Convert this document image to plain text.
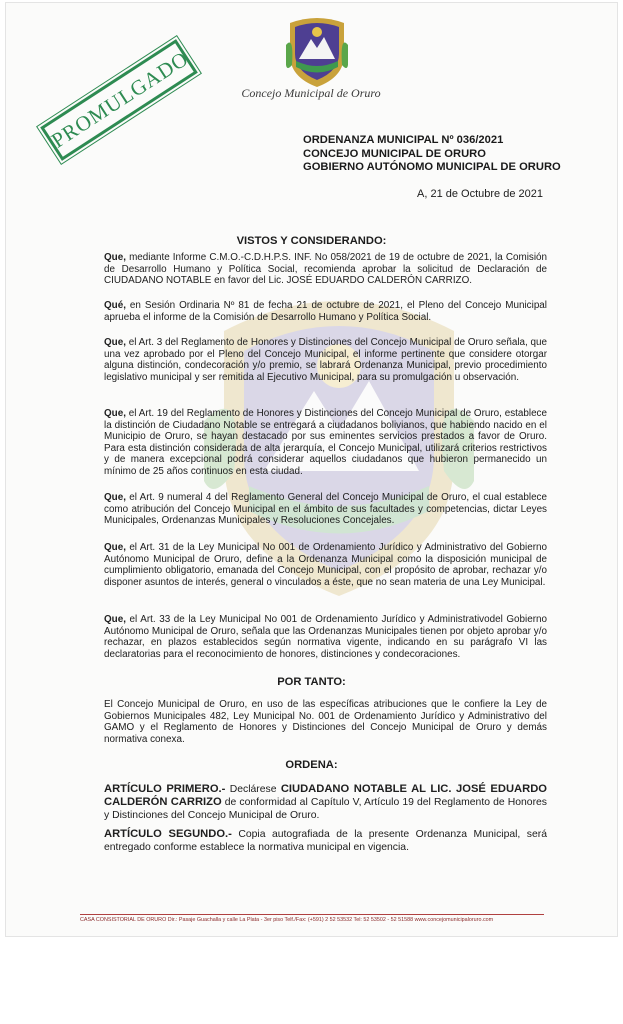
Concejo Municipal de Oruro
PROMULGADO	ORDENANZA MUNICIPAL Nº 036/2021
CONCEJO MUNICIPAL DE ORURO
GOBIERNO AUTÓNOMO MUNICIPAL DE ORURO
A, 21 de Octubre de 2021
VISTOS Y CONSIDERANDO:
Que, mediante Informe C.M.O.-C.D.H.P.S. INF. No 058/2021 de 19 de octubre de 2021, la Comisión de Desarrollo Humano y Política Social, recomienda aprobar la solicitud de Declaración de CIUDADANO NOTABLE en favor del Lic. JOSÉ EDUARDO CALDERÓN CARRIZO.
Qué, en Sesión Ordinaria Nº 81 de fecha 21 de octubre de 2021, el Pleno del Concejo Municipal aprueba el informe de la Comisión de Desarrollo Humano y Política Social.
Que, el Art. 3 del Reglamento de Honores y Distinciones del Concejo Municipal de Oruro señala, que una vez aprobado por el Pleno del Concejo Municipal, el informe pertinente que considere otorgar alguna distinción, condecoración y/o premio, se labrará Ordenanza Municipal, previo procedimiento legislativo municipal y ser remitida al Ejecutivo Municipal, para su promulgación u observación.
Que, el Art. 19 del Reglamento de Honores y Distinciones del Concejo Municipal de Oruro, establece la distinción de Ciudadano Notable se entregará a ciudadanos bolivianos, que habiendo nacido en el Municipio de Oruro, se hayan destacado por sus eminentes servicios prestados a favor de Oruro. Para esta distinción considerada de alta jerarquía, el Concejo Municipal, utilizará criterios restrictivos y de manera excepcional podrá considerar aquellos ciudadanos que hubieron permanecido un mínimo de 25 años continuos en esta ciudad.
Que, el Art. 9 numeral 4 del Reglamento General del Concejo Municipal de Oruro, el cual establece como atribución del Concejo Municipal en el ámbito de sus facultades y competencias, dictar Leyes Municipales, Ordenanzas Municipales y Resoluciones Concejales.
Que, el Art. 31 de la Ley Municipal No 001 de Ordenamiento Jurídico y Administrativo del Gobierno Autónomo Municipal de Oruro, define a la Ordenanza Municipal como la disposición municipal de cumplimiento obligatorio, emanada del Concejo Municipal, con el propósito de aprobar, rechazar y/o disponer asuntos de interés, general o vinculados a éste, que no sean materia de una Ley Municipal.
Que, el Art. 33 de la Ley Municipal No 001 de Ordenamiento Jurídico y Administrativodel Gobierno Autónomo Municipal de Oruro, señala que las Ordenanzas Municipales tienen por objeto aprobar y/o rechazar, en plazos establecidos según normativa vigente, indicando en su parágrafo VI las declaratorias para el reconocimiento de honores, distinciones y condecoraciones.
POR TANTO:
El Concejo Municipal de Oruro, en uso de las específicas atribuciones que le confiere la Ley de Gobiernos Municipales 482, Ley Municipal No. 001 de Ordenamiento Jurídico y Administrativo del GAMO y el Reglamento de Honores y Distinciones del Concejo Municipal de Oruro y demás normativa conexa.
ORDENA:
ARTÍCULO PRIMERO.- Declárese CIUDADANO NOTABLE AL LIC. JOSÉ EDUARDO CALDERÓN CARRIZO de conformidad al Capítulo V, Artículo 19 del Reglamento de Honores y Distinciones del Concejo Municipal de Oruro.
ARTÍCULO SEGUNDO.- Copia autografiada de la presente Ordenanza Municipal, será entregado conforme establece la normativa municipal en vigencia.
CASA CONSISTORIAL DE ORURO Dir.: Pasaje Guachalla y calle La Plata - 3er piso Telf./Fax: (+591) 2 52 53532 Tel: 52 53502 - 52 51588 www.concejomunicipaloruro.com
